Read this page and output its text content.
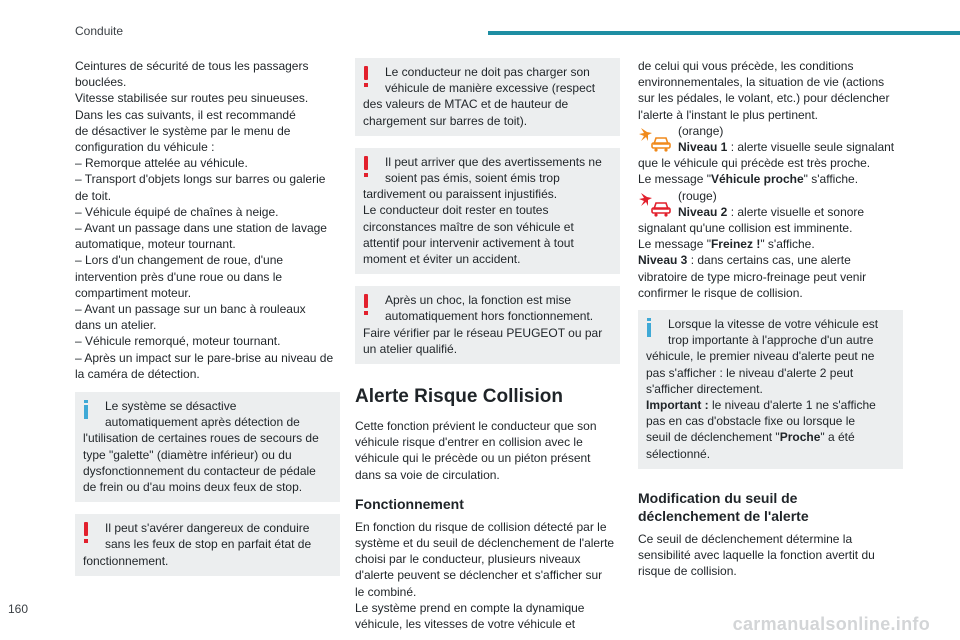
Conduite
Ceintures de sécurité de tous les passagers
bouclées.
Vitesse stabilisée sur routes peu sinueuses.
Dans les cas suivants, il est recommandé
de désactiver le système par le menu de
configuration du véhicule :
– Remorque attelée au véhicule.
– Transport d'objets longs sur barres ou galerie
de toit.
– Véhicule équipé de chaînes à neige.
– Avant un passage dans une station de lavage
automatique, moteur tournant.
– Lors d'un changement de roue, d'une
intervention près d'une roue ou dans le
compartiment moteur.
– Avant un passage sur un banc à rouleaux
dans un atelier.
– Véhicule remorqué, moteur tournant.
– Après un impact sur le pare-brise au niveau de
la caméra de détection.
Le système se désactive
automatiquement après détection de
l'utilisation de certaines roues de secours de
type "galette" (diamètre inférieur) ou du
dysfonctionnement du contacteur de pédale
de frein ou d'au moins deux feux de stop.
Il peut s'avérer dangereux de conduire
sans les feux de stop en parfait état de
fonctionnement.
Le conducteur ne doit pas charger son
véhicule de manière excessive (respect
des valeurs de MTAC et de hauteur de
chargement sur barres de toit).
Il peut arriver que des avertissements ne
soient pas émis, soient émis trop
tardivement ou paraissent injustifiés.
Le conducteur doit rester en toutes
circonstances maître de son véhicule et
attentif pour intervenir activement à tout
moment et éviter un accident.
Après un choc, la fonction est mise
automatiquement hors fonctionnement.
Faire vérifier par le réseau PEUGEOT ou par
un atelier qualifié.
Alerte Risque Collision
Cette fonction prévient le conducteur que son
véhicule risque d'entrer en collision avec le
véhicule qui le précède ou un piéton présent
dans sa voie de circulation.
Fonctionnement
En fonction du risque de collision détecté par le
système et du seuil de déclenchement de l'alerte
choisi par le conducteur, plusieurs niveaux
d'alerte peuvent se déclencher et s'afficher sur
le combiné.
Le système prend en compte la dynamique
véhicule, les vitesses de votre véhicule et
de celui qui vous précède, les conditions
environnementales, la situation de vie (actions
sur les pédales, le volant, etc.) pour déclencher
l'alerte à l'instant le plus pertinent.
(orange)
Niveau 1 : alerte visuelle seule signalant
que le véhicule qui précède est très proche.
Le message "Véhicule proche" s'affiche.
(rouge)
Niveau 2 : alerte visuelle et sonore
signalant qu'une collision est imminente.
Le message "Freinez !" s'affiche.
Niveau 3 : dans certains cas, une alerte
vibratoire de type micro-freinage peut venir
confirmer le risque de collision.
Lorsque la vitesse de votre véhicule est
trop importante à l'approche d'un autre
véhicule, le premier niveau d'alerte peut ne
pas s'afficher : le niveau d'alerte 2 peut
s'afficher directement.
Important : le niveau d'alerte 1 ne s'affiche
pas en cas d'obstacle fixe ou lorsque le
seuil de déclenchement "Proche" a été
sélectionné.
Modification du seuil de
déclenchement de l'alerte
Ce seuil de déclenchement détermine la
sensibilité avec laquelle la fonction avertit du
risque de collision.
160
carmanualsonline.info
